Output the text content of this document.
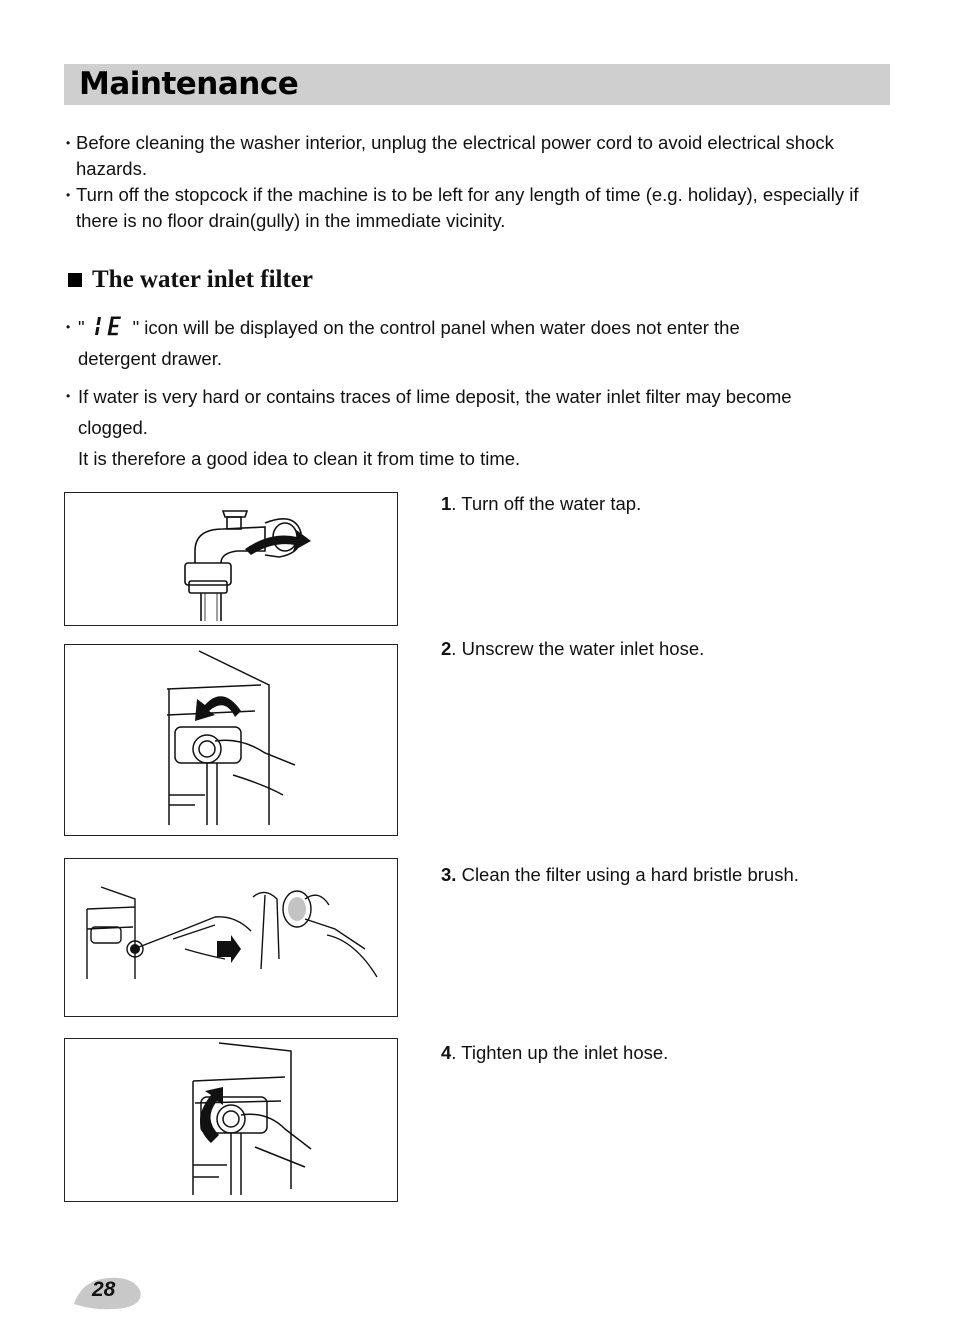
Maintenance
• Before cleaning the washer interior, unplug the electrical power cord to avoid electrical shock hazards.
• Turn off the stopcock if the machine is to be left for any length of time (e.g. holiday), especially if there is no floor drain(gully) in the immediate vicinity.
The water inlet filter
• "	" icon will be displayed on the control panel when water does not enter the
detergent drawer.
• If water is very hard or contains traces of lime deposit, the water inlet filter may become
clogged.
It is therefore a good idea to clean it from time to time.
1. Turn off the water tap.
2. Unscrew the water inlet hose.
3. Clean the filter using a hard bristle brush.
4. Tighten up the inlet hose.
28
